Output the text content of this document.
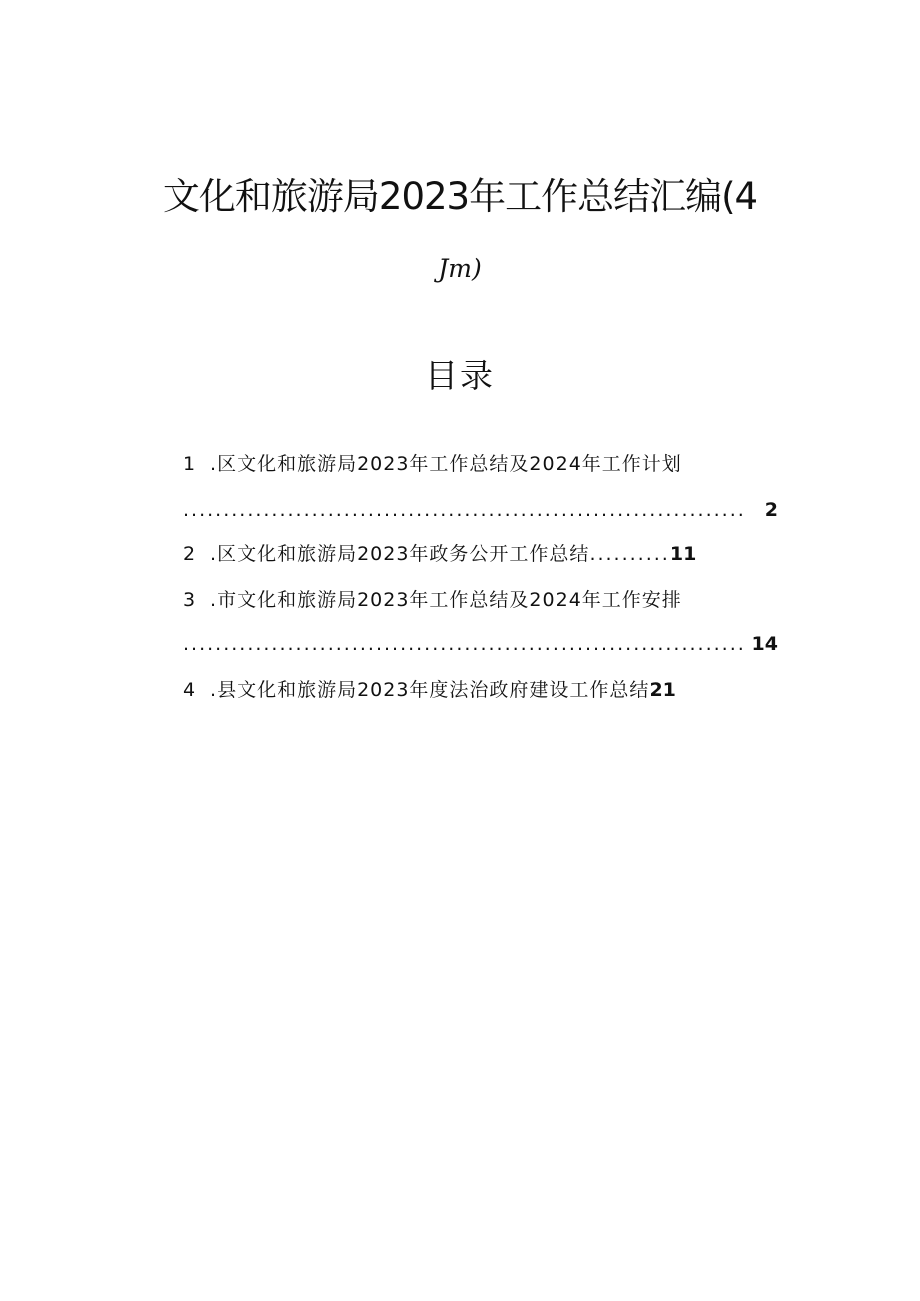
文化和旅游局2023年工作总结汇编(4
Jm)
目录
1 .区文化和旅游局2023年工作总结及2024年工作计划
...................................................................... 2
2 .区文化和旅游局2023年政务公开工作总结..........11
3 .市文化和旅游局2023年工作总结及2024年工作安排
...................................................................... 14
4 .县文化和旅游局2023年度法治政府建设工作总结21
